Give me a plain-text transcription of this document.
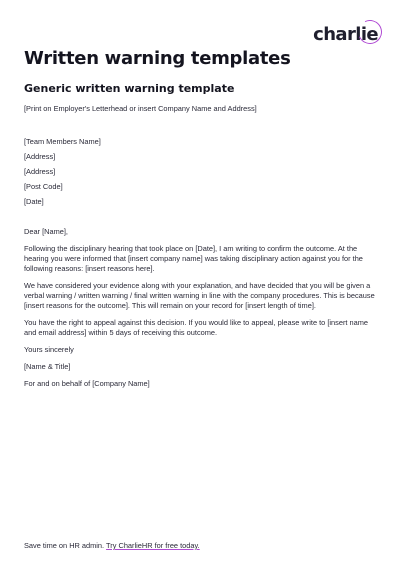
charlie
Written warning templates
Generic written warning template

[Print on Employer's Letterhead or insert Company Name and Address]

[Team Members Name]
[Address]
[Address]
[Post Code]
[Date]

Dear [Name],

Following the disciplinary hearing that took place on [Date], I am writing to confirm the outcome. At the hearing you were informed that [insert company name] was taking disciplinary action against you for the following reasons: [insert reasons here].

We have considered your evidence along with your explanation, and have decided that you will be given a verbal warning / written warning / final written warning in line with the company procedures. This is because [insert reasons for the outcome]. This will remain on your record for [insert length of time].

You have the right to appeal against this decision. If you would like to appeal, please write to [insert name and email address] within 5 days of receiving this outcome.

Yours sincerely

[Name & Title]

For and on behalf of [Company Name]

Save time on HR admin. Try CharlieHR for free today.
